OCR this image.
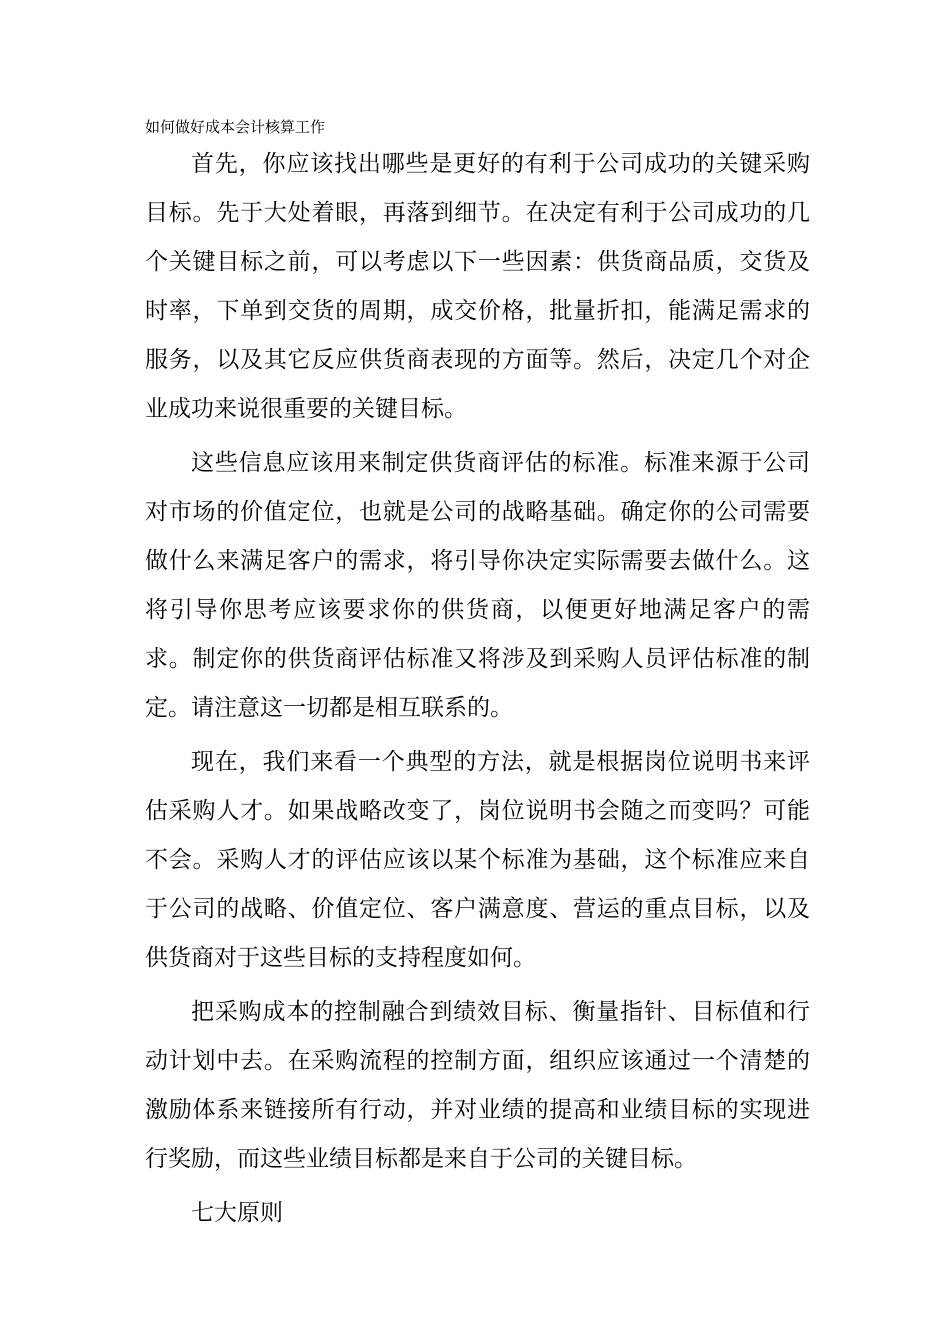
如何做好成本会计核算工作

首先，你应该找出哪些是更好的有利于公司成功的关键采购目标。先于大处着眼，再落到细节。在决定有利于公司成功的几个关键目标之前，可以考虑以下一些因素：供货商品质，交货及时率，下单到交货的周期，成交价格，批量折扣，能满足需求的服务，以及其它反应供货商表现的方面等。然后，决定几个对企业成功来说很重要的关键目标。

这些信息应该用来制定供货商评估的标准。标准来源于公司对市场的价值定位，也就是公司的战略基础。确定你的公司需要做什么来满足客户的需求，将引导你决定实际需要去做什么。这将引导你思考应该要求你的供货商，以便更好地满足客户的需求。制定你的供货商评估标准又将涉及到采购人员评估标准的制定。请注意这一切都是相互联系的。

现在，我们来看一个典型的方法，就是根据岗位说明书来评估采购人才。如果战略改变了，岗位说明书会随之而变吗？可能不会。采购人才的评估应该以某个标准为基础，这个标准应来自于公司的战略、价值定位、客户满意度、营运的重点目标，以及供货商对于这些目标的支持程度如何。

把采购成本的控制融合到绩效目标、衡量指针、目标值和行动计划中去。在采购流程的控制方面，组织应该通过一个清楚的激励体系来链接所有行动，并对业绩的提高和业绩目标的实现进行奖励，而这些业绩目标都是来自于公司的关键目标。

七大原则
